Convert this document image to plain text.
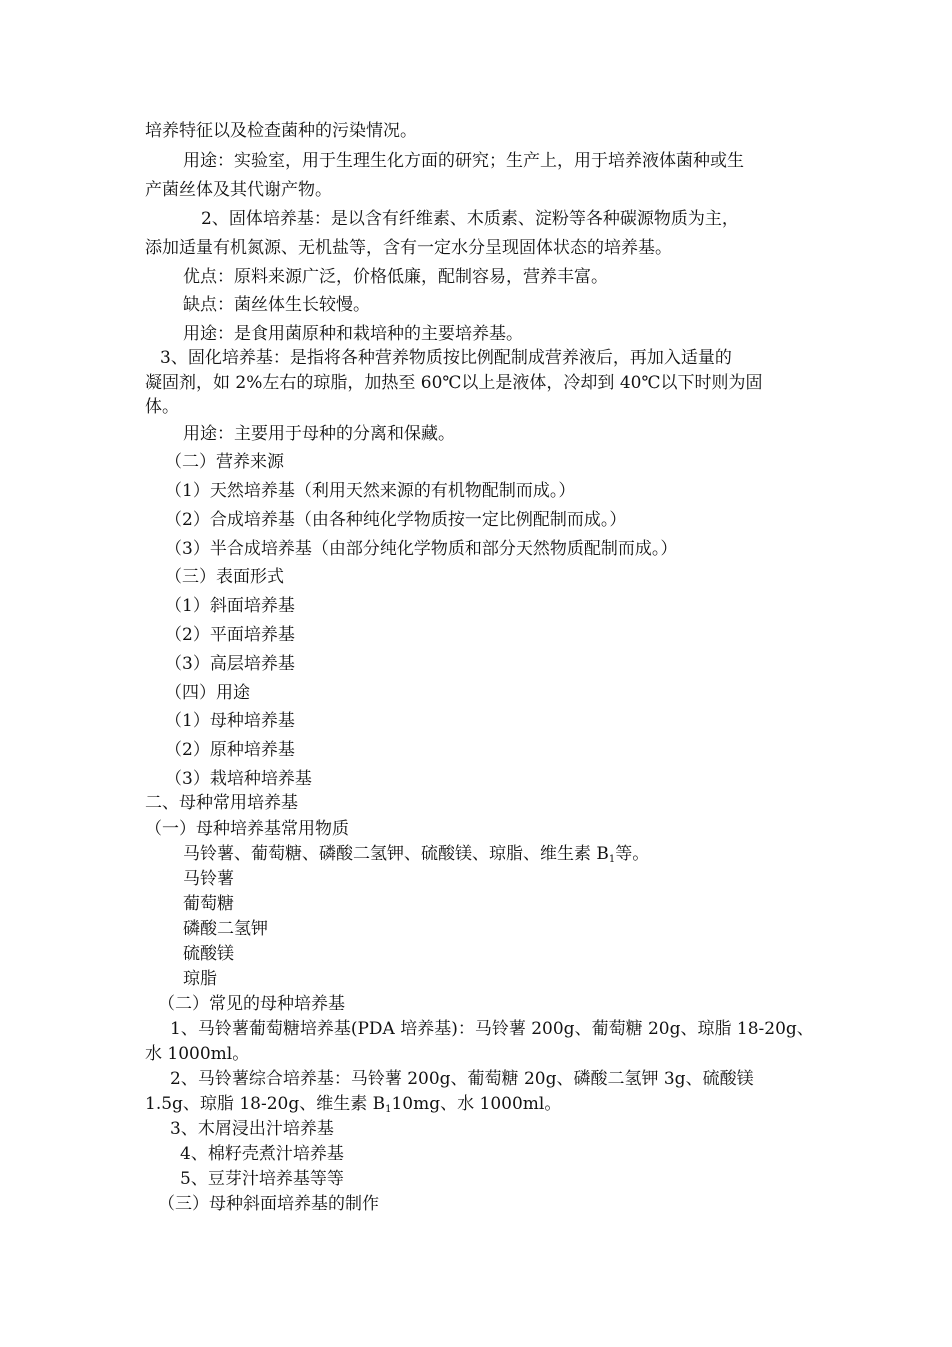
培养特征以及检查菌种的污染情况。
用途：实验室，用于生理生化方面的研究；生产上，用于培养液体菌种或生
产菌丝体及其代谢产物。
2、固体培养基：是以含有纤维素、木质素、淀粉等各种碳源物质为主，
添加适量有机氮源、无机盐等，含有一定水分呈现固体状态的培养基。
优点：原料来源广泛，价格低廉，配制容易，营养丰富。
缺点：菌丝体生长较慢。
用途：是食用菌原种和栽培种的主要培养基。
3、固化培养基：是指将各种营养物质按比例配制成营养液后，再加入适量的
凝固剂，如 2%左右的琼脂，加热至 60℃以上是液体，冷却到 40℃以下时则为固
体。
用途：主要用于母种的分离和保藏。
（二）营养来源
（1）天然培养基（利用天然来源的有机物配制而成。）
（2）合成培养基（由各种纯化学物质按一定比例配制而成。）
（3）半合成培养基（由部分纯化学物质和部分天然物质配制而成。）
（三）表面形式
（1）斜面培养基
（2）平面培养基
（3）高层培养基
（四）用途
（1）母种培养基
（2）原种培养基
（3）栽培种培养基
二、母种常用培养基
（一）母种培养基常用物质
马铃薯、葡萄糖、磷酸二氢钾、硫酸镁、琼脂、维生素 $B_1$等。
马铃薯
葡萄糖
磷酸二氢钾
硫酸镁
琼脂
（二）常见的母种培养基
1、马铃薯葡萄糖培养基(PDA 培养基)：马铃薯 200g、葡萄糖 20g、琼脂 18-20g、
水 1000ml。
2、马铃薯综合培养基：马铃薯 200g、葡萄糖 20g、磷酸二氢钾 3g、硫酸镁
1.5g、琼脂 18-20g、维生素 $B_110mg$、水 1000ml。
3、木屑浸出汁培养基
4、棉籽壳煮汁培养基
5、豆芽汁培养基等等
（三）母种斜面培养基的制作
